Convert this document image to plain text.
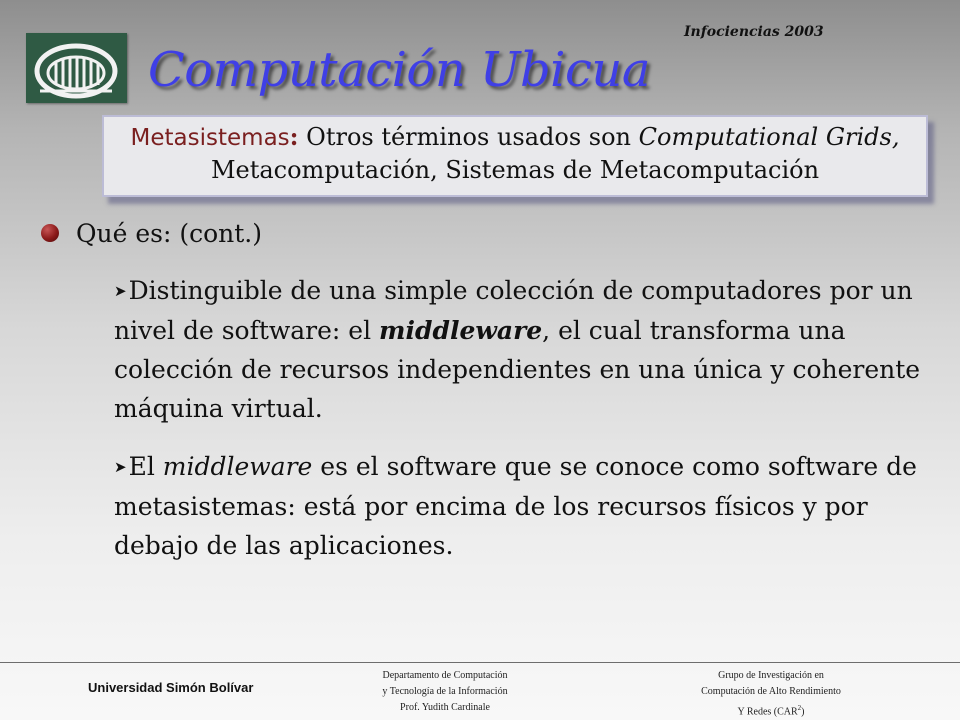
Infociencias 2003
Computación Ubicua
Metasistemas: Otros términos usados son Computational Grids, Metacomputación, Sistemas de Metacomputación
Qué es: (cont.)
➤Distinguible de una simple colección de computadores por un nivel de software: el middleware, el cual transforma una colección de recursos independientes en una única y coherente máquina virtual.
➤El middleware es el software que se conoce como software de metasistemas: está por encima de los recursos físicos y por debajo de las aplicaciones.
Universidad Simón Bolívar
Departamento de Computación
y Tecnología de la Información
Prof. Yudith Cardinale
Grupo de Investigación en
Computación de Alto Rendimiento
Y Redes (CAR$^2$)
